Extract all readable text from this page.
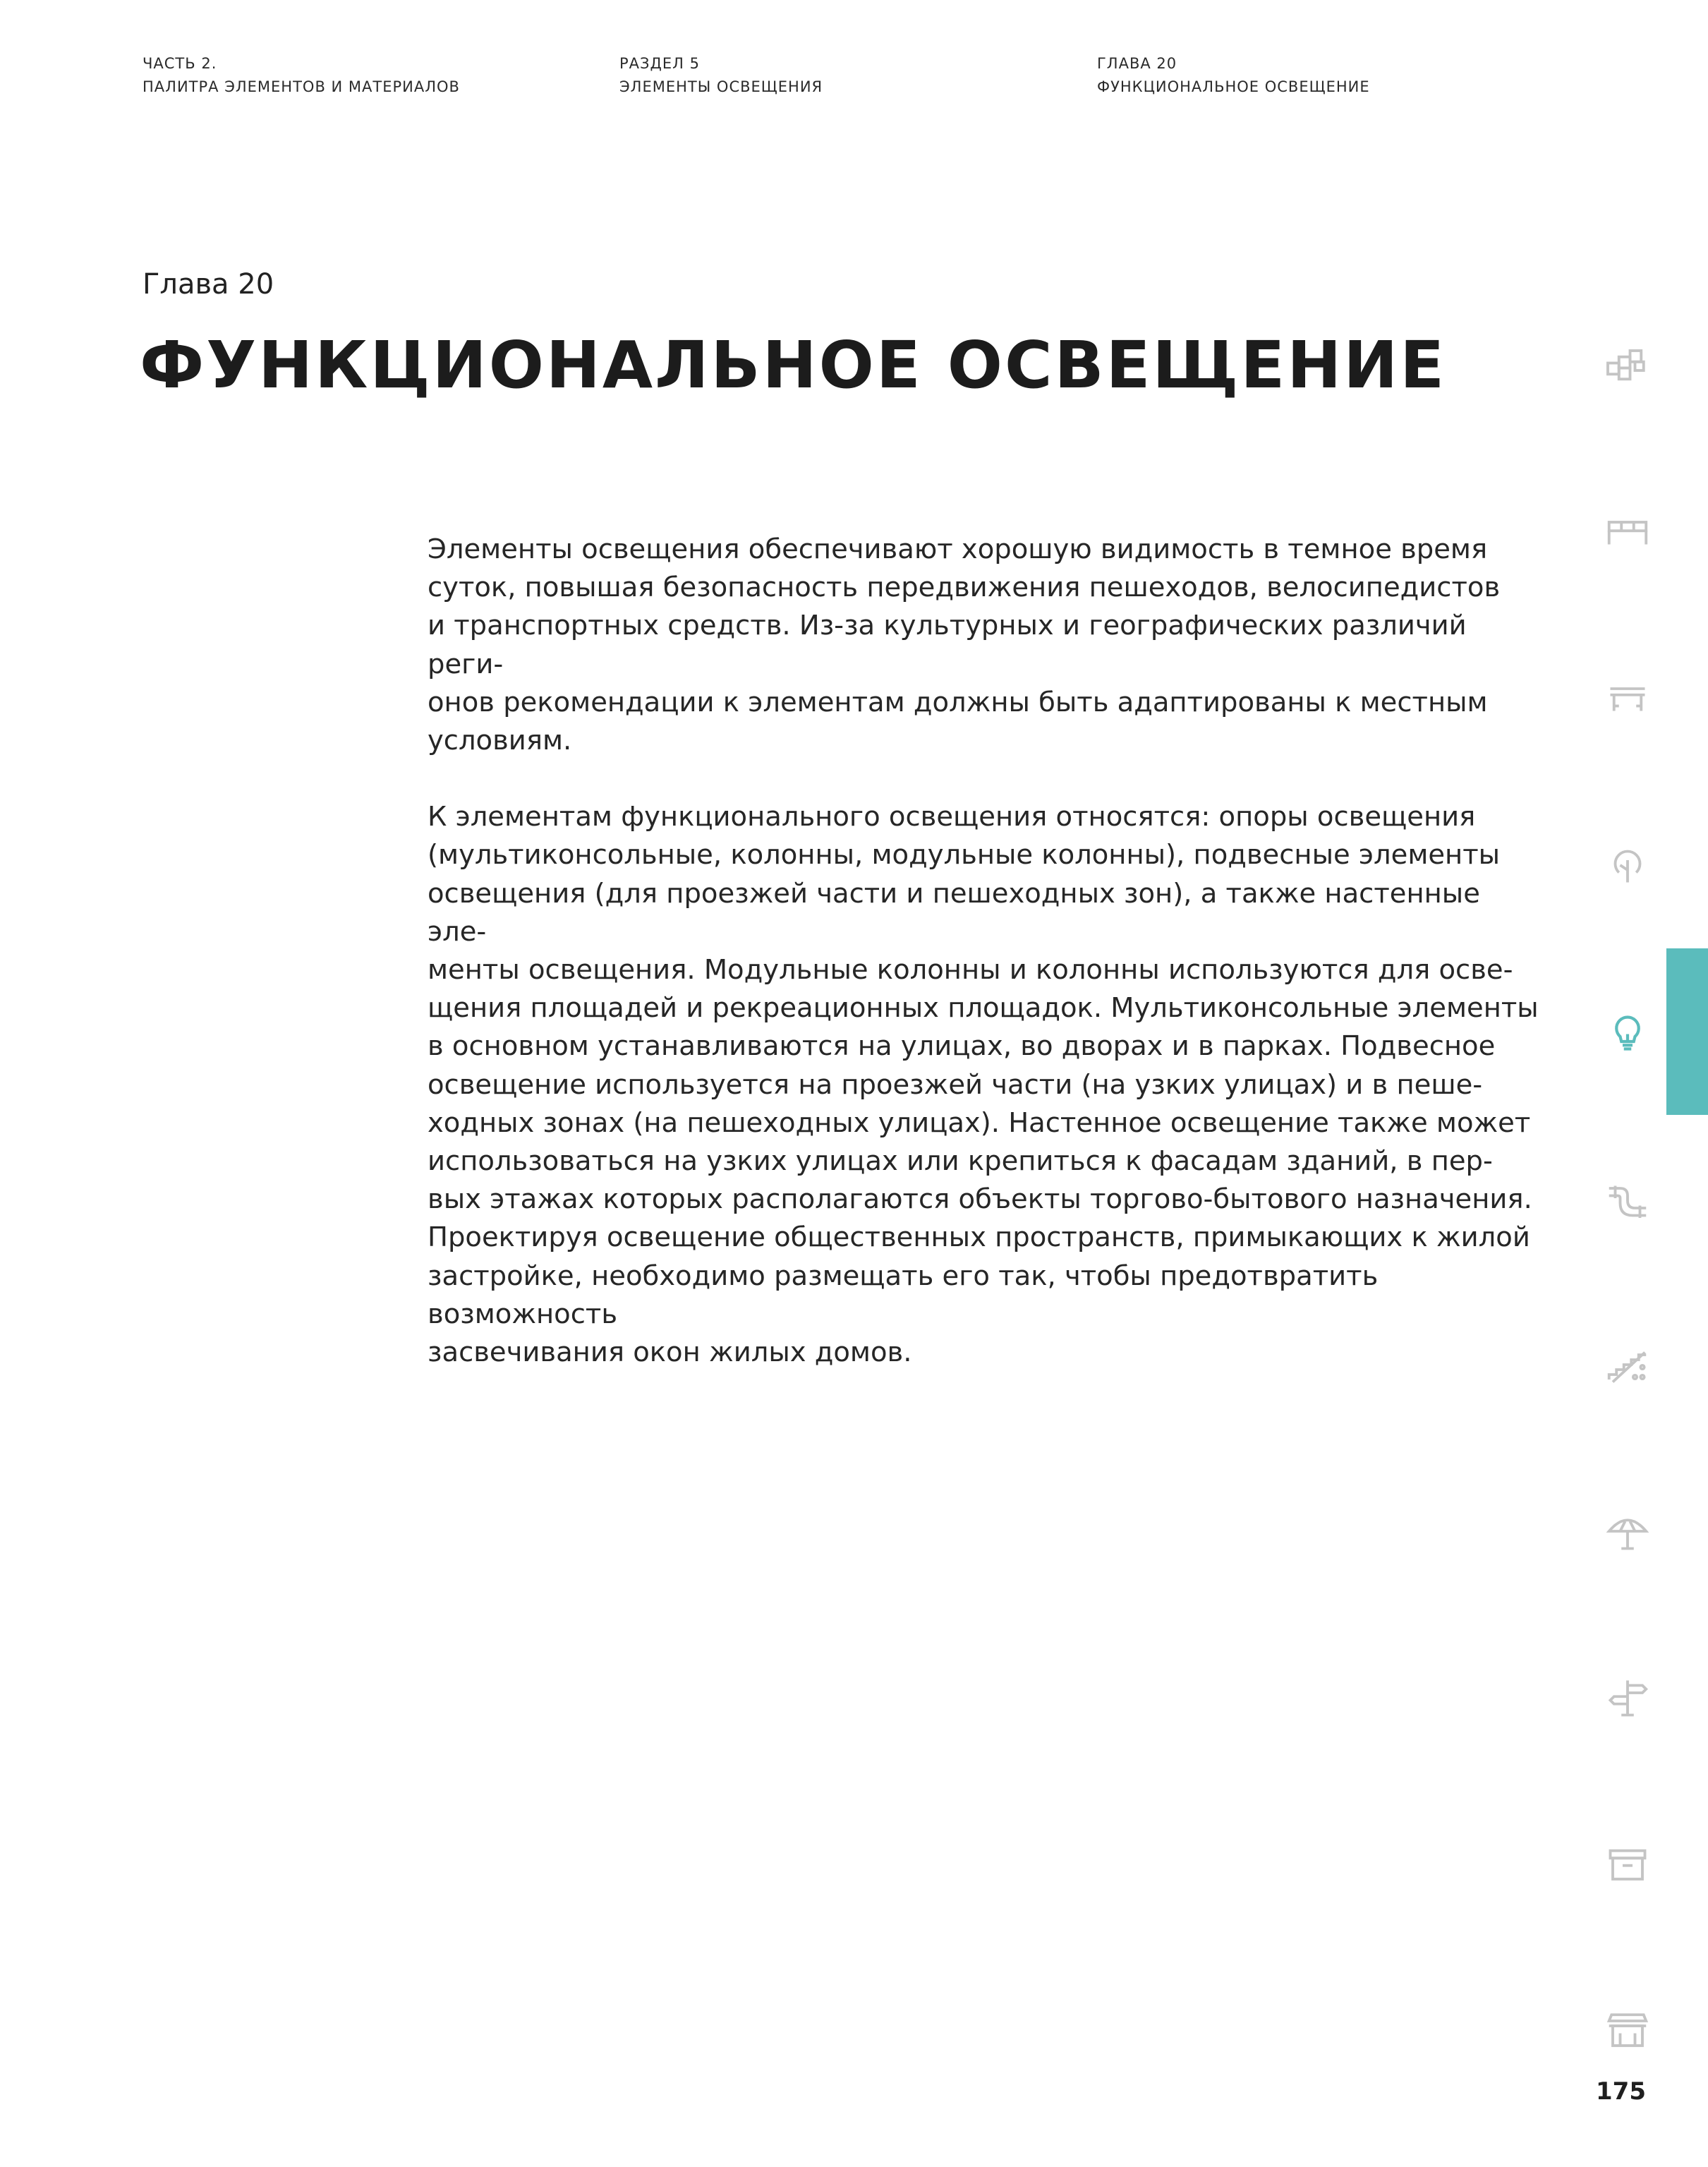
ЧАСТЬ 2.
ПАЛИТРА ЭЛЕМЕНТОВ И МАТЕРИАЛОВ
РАЗДЕЛ 5
ЭЛЕМЕНТЫ ОСВЕЩЕНИЯ
ГЛАВА 20
ФУНКЦИОНАЛЬНОЕ ОСВЕЩЕНИЕ
Глава 20
ФУНКЦИОНАЛЬНОЕ ОСВЕЩЕНИЕ

Элементы освещения обеспечивают хорошую видимость в темное время
суток, повышая безопасность передвижения пешеходов, велосипедистов
и транспортных средств. Из-за культурных и географических различий реги-
онов рекомендации к элементам должны быть адаптированы к местным
условиям.

К элементам функционального освещения относятся: опоры освещения
(мультиконсольные, колонны, модульные колонны), подвесные элементы
освещения (для проезжей части и пешеходных зон), а также настенные эле-
менты освещения. Модульные колонны и колонны используются для осве-
щения площадей и рекреационных площадок. Мультиконсольные элементы
в основном устанавливаются на улицах, во дворах и в парках. Подвесное
освещение используется на проезжей части (на узких улицах) и в пеше-
ходных зонах (на пешеходных улицах). Настенное освещение также может
использоваться на узких улицах или крепиться к фасадам зданий, в пер-
вых этажах которых располагаются объекты торгово-бытового назначения.
Проектируя освещение общественных пространств, примыкающих к жилой
застройке, необходимо размещать его так, чтобы предотвратить возможность
засвечивания окон жилых домов.

175
